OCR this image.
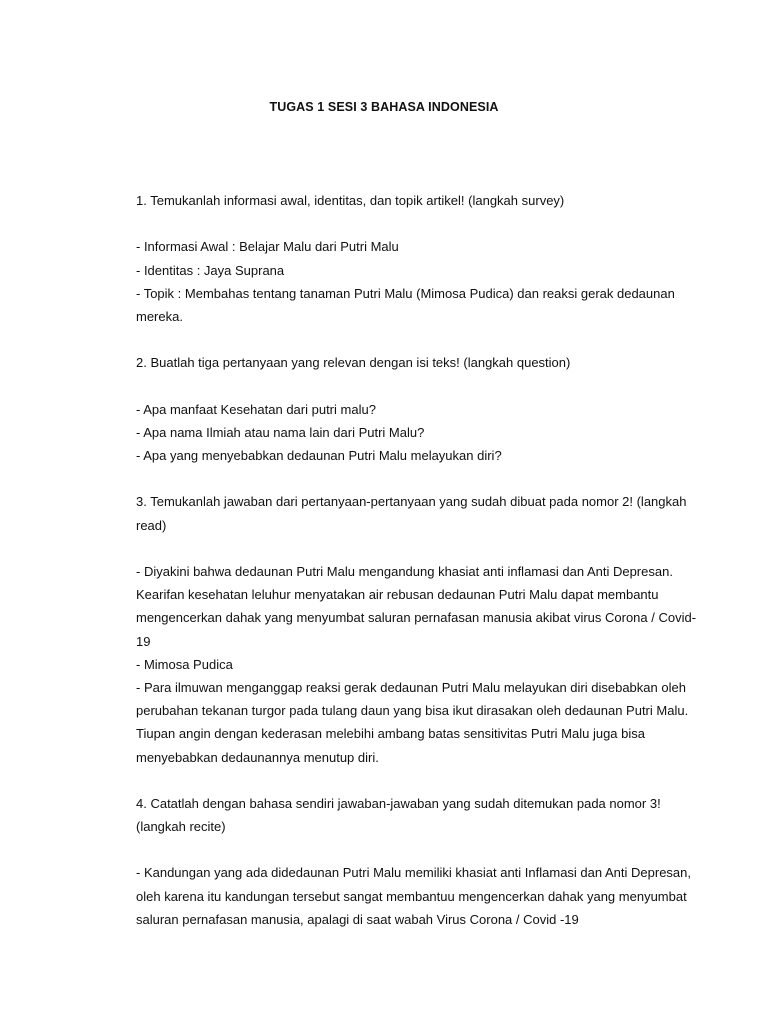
TUGAS 1 SESI 3 BAHASA INDONESIA
1. Temukanlah informasi awal, identitas, dan topik artikel! (langkah survey)
- Informasi Awal : Belajar Malu dari Putri Malu
- Identitas : Jaya Suprana
- Topik : Membahas tentang tanaman Putri Malu (Mimosa Pudica) dan reaksi gerak dedaunan
mereka.
2. Buatlah tiga pertanyaan yang relevan dengan isi teks! (langkah question)
- Apa manfaat Kesehatan dari putri malu?
- Apa nama Ilmiah atau nama lain dari Putri Malu?
- Apa yang menyebabkan dedaunan Putri Malu melayukan diri?
3. Temukanlah jawaban dari pertanyaan-pertanyaan yang sudah dibuat pada nomor 2! (langkah
read)
- Diyakini bahwa dedaunan Putri Malu mengandung khasiat anti inflamasi dan Anti Depresan.
Kearifan kesehatan leluhur menyatakan air rebusan dedaunan Putri Malu dapat membantu
mengencerkan dahak yang menyumbat saluran pernafasan manusia akibat virus Corona / Covid-
19
- Mimosa Pudica
- Para ilmuwan menganggap reaksi gerak dedaunan Putri Malu melayukan diri disebabkan oleh
perubahan tekanan turgor pada tulang daun yang bisa ikut dirasakan oleh dedaunan Putri Malu.
Tiupan angin dengan kederasan melebihi ambang batas sensitivitas Putri Malu juga bisa
menyebabkan dedaunannya menutup diri.
4. Catatlah dengan bahasa sendiri jawaban-jawaban yang sudah ditemukan pada nomor 3!
(langkah recite)
- Kandungan yang ada didedaunan Putri Malu memiliki khasiat anti Inflamasi dan Anti Depresan,
oleh karena itu kandungan tersebut sangat membantuu mengencerkan dahak yang menyumbat
saluran pernafasan manusia, apalagi di saat wabah Virus Corona / Covid -19
